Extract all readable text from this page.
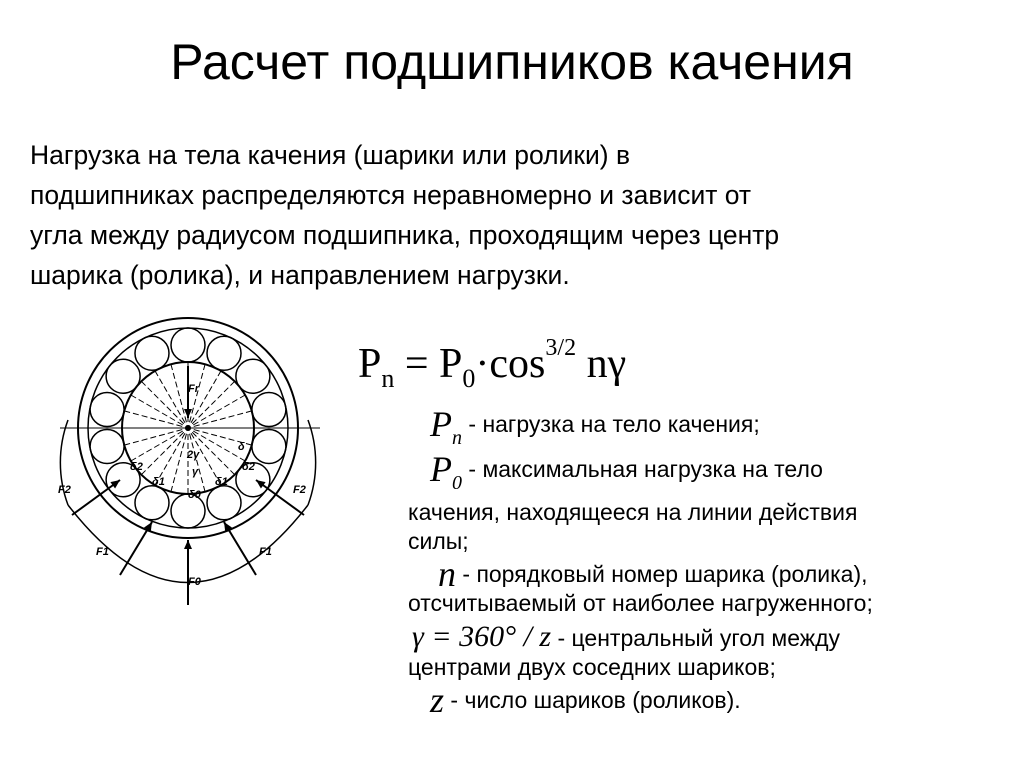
Расчет подшипников качения
Нагрузка на тела качения (шарики или ролики) в
подшипниках распределяются неравномерно и зависит от
угла между радиусом подшипника, проходящим через центр
шарика (ролика), и направлением нагрузки.
$P_n = P_0\cdot\cos^{3/2}$ nγ
Fr
F0
F1	F1
F2	F2
δ2
δ1
δ0
δ1
δ2
δ
2γ
γ
$P_n$ - нагрузка на тело качения;
$P_0$ - максимальная нагрузка на тело
качения, находящееся на линии действия
силы;
n - порядковый номер шарика (ролика),
отсчитываемый от наиболее нагруженного;
γ = 360° / z - центральный угол между
центрами двух соседних шариков;
z - число шариков (роликов).
